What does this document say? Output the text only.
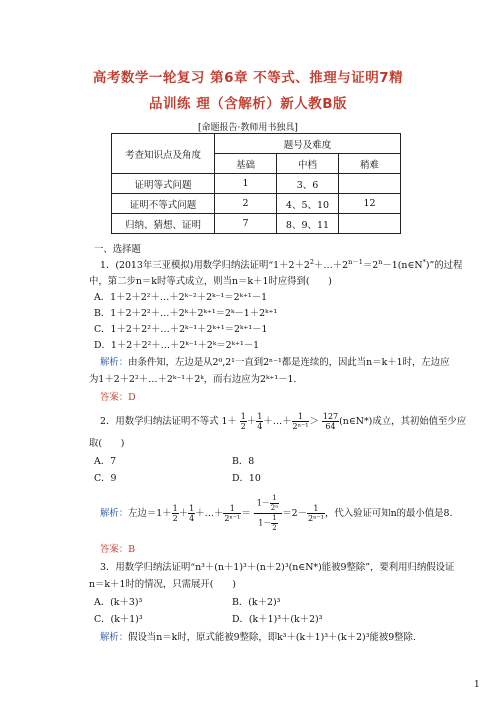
高考数学一轮复习 第6章 不等式、推理与证明7精
品训练 理（含解析）新人教B版
[命题报告·教师用书独具]
考查知识点及角度	题号及难度		
	基础	中档	稍难
证明等式问题	1	3、6	
证明不等式问题	2	4、5、10	12
归纳、猜想、证明	7	8、9、11	
一、选择题
1．(2013年三亚模拟)用数学归纳法证明“$1+2+2^2+\dots+2^{n-1}=2^n-1(n\in N^*)$”的过程
中，第二步n＝k时等式成立，则当n＝k＋1时应得到(　　)
A．1＋2＋2²＋…＋2ᵏ⁻²＋2ᵏ⁻¹＝2ᵏ⁺¹－1
B．1＋2＋2²＋…＋2ᵏ＋2ᵏ⁺¹＝2ᵏ－1＋2ᵏ⁺¹
C．1＋2＋2²＋…＋2ᵏ⁻¹＋2ᵏ⁺¹＝2ᵏ⁺¹－1
D．1＋2＋2²＋…＋2ᵏ⁻¹＋2ᵏ＝2ᵏ⁺¹－1
解析：由条件知，左边是从2⁰,2¹一直到2ⁿ⁻¹都是连续的，因此当n＝k＋1时，左边应
为1＋2＋2²＋…＋2ᵏ⁻¹＋2ᵏ，而右边应为2ᵏ⁺¹－1.
答案：D
2．用数学归纳法证明不等式 $1+ \frac{1}{2} + \frac{1}{4}$ ＋…＋ $\frac{1}{\text{2ⁿ⁻¹}} > \frac{127}{64}$ (n∈N*)成立，其初始值至少应
取(　　)
A．7	B．8
C．9	D．10
解析：左边$=1+ \frac{1}{2} + \frac{1}{4}$ ＋…＋ $\frac{1}{\text{2ⁿ⁻¹}} = \frac{1- \frac{1}{\text{2ⁿ}}}{1- \frac{1}{2}} =2- \frac{1}{\text{2ⁿ⁻¹}}$ ，代入验证可知n的最小值是8.
答案：B
3．用数学归纳法证明“n³＋(n＋1)³＋(n＋2)³(n∈N*)能被9整除”，要利用归纳假设证
n＝k＋1时的情况，只需展开(　　)
A．(k＋3)³	B．(k＋2)³
C．(k＋1)³	D．(k＋1)³＋(k＋2)³
解析：假设当n＝k时，原式能被9整除，即k³＋(k＋1)³＋(k＋2)³能被9整除.
1
